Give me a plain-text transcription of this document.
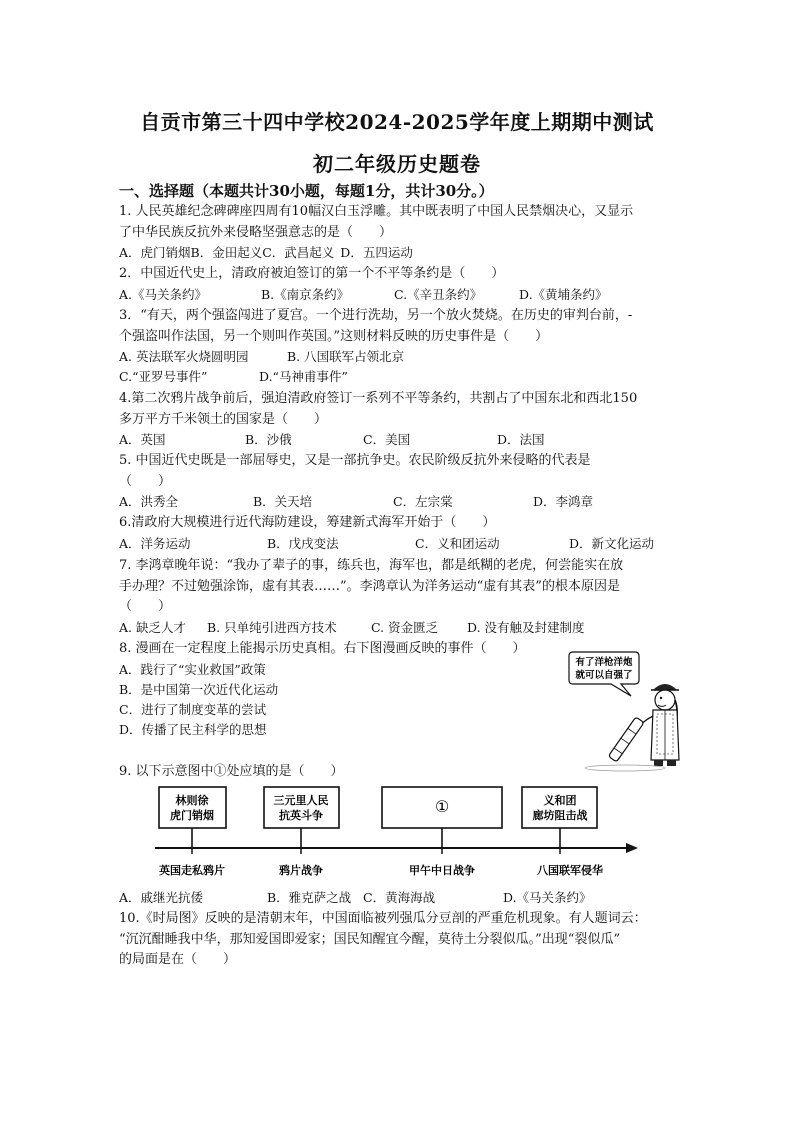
自贡市第三十四中学校2024-2025学年度上期期中测试
初二年级历史题卷
一、选择题（本题共计30小题，每题1分，共计30分。）
1. 人民英雄纪念碑碑座四周有10幅汉白玉浮雕。其中既表明了中国人民禁烟决心，又显示
了中华民族反抗外来侵略坚强意志的是（　　）
A．虎门销烟B．金田起义C．武昌起义 D．五四运动
2．中国近代史上，清政府被迫签订的第一个不平等条约是（　　）
A.《马关条约》	B.《南京条约》	C.《辛丑条约》	D.《黄埔条约》
3．“有天，两个强盗闯进了夏宫。一个进行洗劫，另一个放火焚烧。在历史的审判台前，-
个强盗叫作法国，另一个则叫作英国。”这则材料反映的历史事件是（　　）
A. 英法联军火烧圆明园	B. 八国联军占领北京
C.“亚罗号事件”	D.“马神甫事件”
4.第二次鸦片战争前后，强迫清政府签订一系列不平等条约，共割占了中国东北和西北150
多万平方千米领土的国家是（　　）
A．英国	B．沙俄	C．美国	D．法国
5. 中国近代史既是一部屈辱史，又是一部抗争史。农民阶级反抗外来侵略的代表是
（　　）
A．洪秀全	B．关天培	C．左宗棠	D．李鸿章
6.清政府大规模进行近代海防建设，筹建新式海军开始于（　　）
A．洋务运动	B．戊戌变法	C．义和团运动	D．新文化运动
7. 李鸿章晚年说：“我办了辈子的事，练兵也，海军也，都是纸糊的老虎，何尝能实在放
手办理？不过勉强涂饰，虚有其表……”。李鸿章认为洋务运动“虚有其表”的根本原因是
（　　）
A. 缺乏人才 B. 只单纯引进西方技术	C. 资金匮乏 D. 没有触及封建制度
8. 漫画在一定程度上能揭示历史真相。右下图漫画反映的事件（　　）
A．践行了“实业救国”政策
B．是中国第一次近代化运动
C．进行了制度变革的尝试
D．传播了民主科学的思想
有了洋枪洋炮
就可以自强了
9. 以下示意图中①处应填的是（　　）
林则徐
虎门销烟
三元里人民
抗英斗争	①	义和团
廊坊阻击战
英国走私鸦片	鸦片战争	甲午中日战争	八国联军侵华
A．戚继光抗倭	B．雅克萨之战 C．黄海海战	D.《马关条约》
10.《时局图》反映的是清朝末年，中国面临被列强瓜分豆剖的严重危机现象。有人题词云：
“沉沉酣睡我中华，那知爱国即爱家；国民知醒宜今醒，莫待土分裂似瓜。”出现“裂似瓜”
的局面是在（　　）
